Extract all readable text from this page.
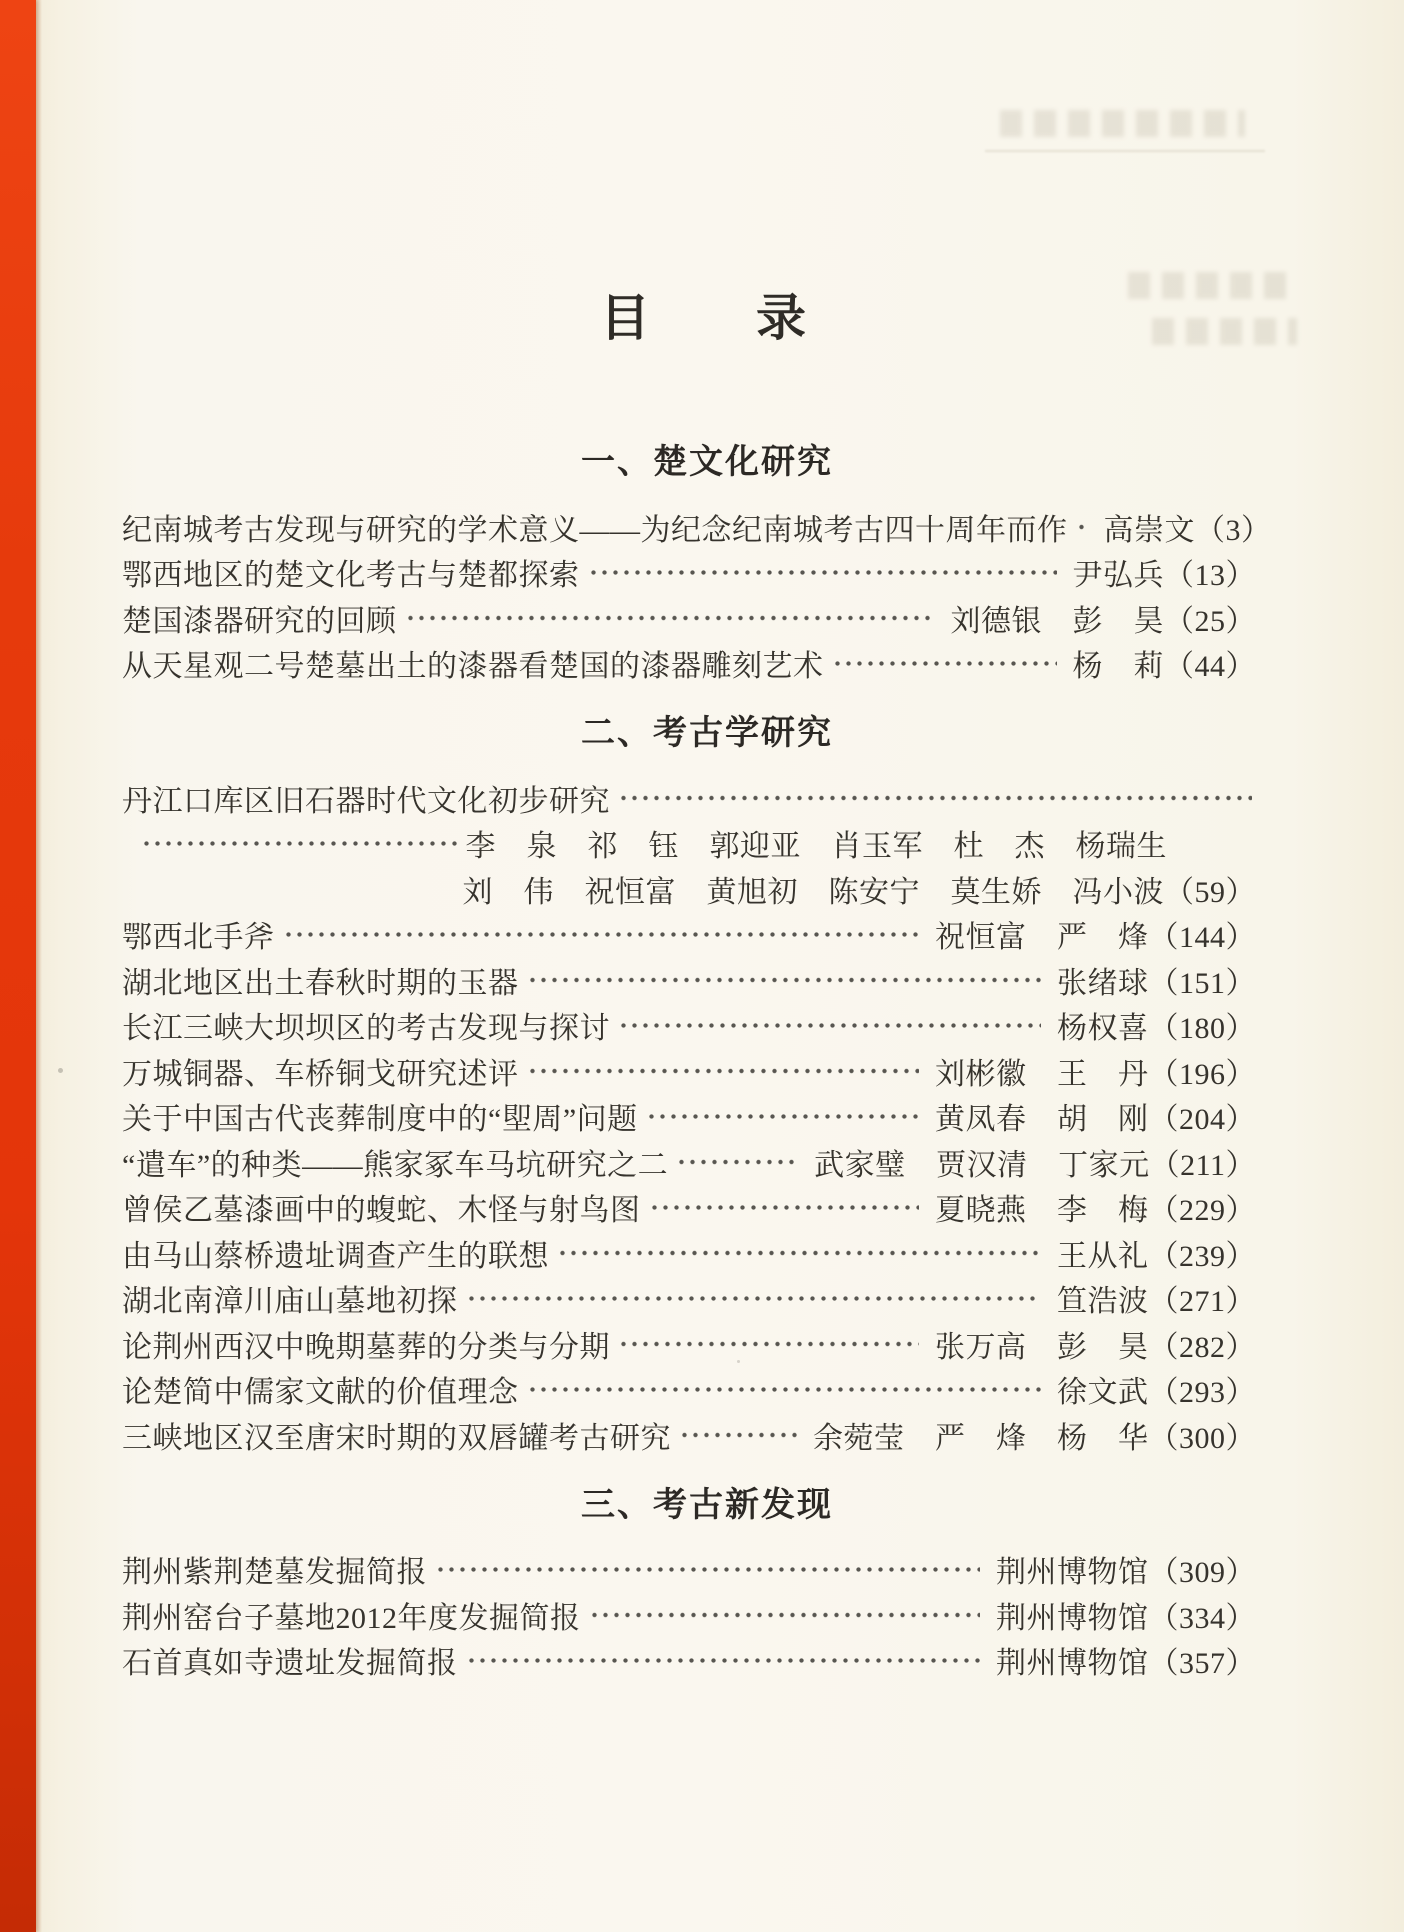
目　　录
一、楚文化研究
纪南城考古发现与研究的学术意义——为纪念纪南城考古四十周年而作	高崇文 （3）
鄂西地区的楚文化考古与楚都探索	尹弘兵 （13）
楚国漆器研究的回顾	刘德银　彭　昊 （25）
从天星观二号楚墓出土的漆器看楚国的漆器雕刻艺术	杨　莉 （44）
二、考古学研究
丹江口库区旧石器时代文化初步研究
李　泉　祁　钰　郭迎亚　肖玉军　杜　杰　杨瑞生
刘　伟　祝恒富　黄旭初　陈安宁　莫生娇　冯小波 （59）
鄂西北手斧	祝恒富　严　烽 （144）
湖北地区出土春秋时期的玉器	张绪球 （151）
长江三峡大坝坝区的考古发现与探讨	杨权喜 （180）
万城铜器、车桥铜戈研究述评	刘彬徽　王　丹 （196）
关于中国古代丧葬制度中的“堲周”问题	黄凤春　胡　刚 （204）
“遣车”的种类——熊家冢车马坑研究之二	武家璧　贾汉清　丁家元 （211）
曾侯乙墓漆画中的蝮蛇、木怪与射鸟图	夏晓燕　李　梅 （229）
由马山蔡桥遗址调查产生的联想	王从礼 （239）
湖北南漳川庙山墓地初探	笪浩波 （271）
论荆州西汉中晚期墓葬的分类与分期	张万高　彭　昊 （282）
论楚简中儒家文献的价值理念	徐文武 （293）
三峡地区汉至唐宋时期的双唇罐考古研究	余菀莹　严　烽　杨　华 （300）
三、考古新发现
荆州紫荆楚墓发掘简报	荆州博物馆 （309）
荆州窑台子墓地2012年度发掘简报	荆州博物馆 （334）
石首真如寺遗址发掘简报	荆州博物馆 （357）
